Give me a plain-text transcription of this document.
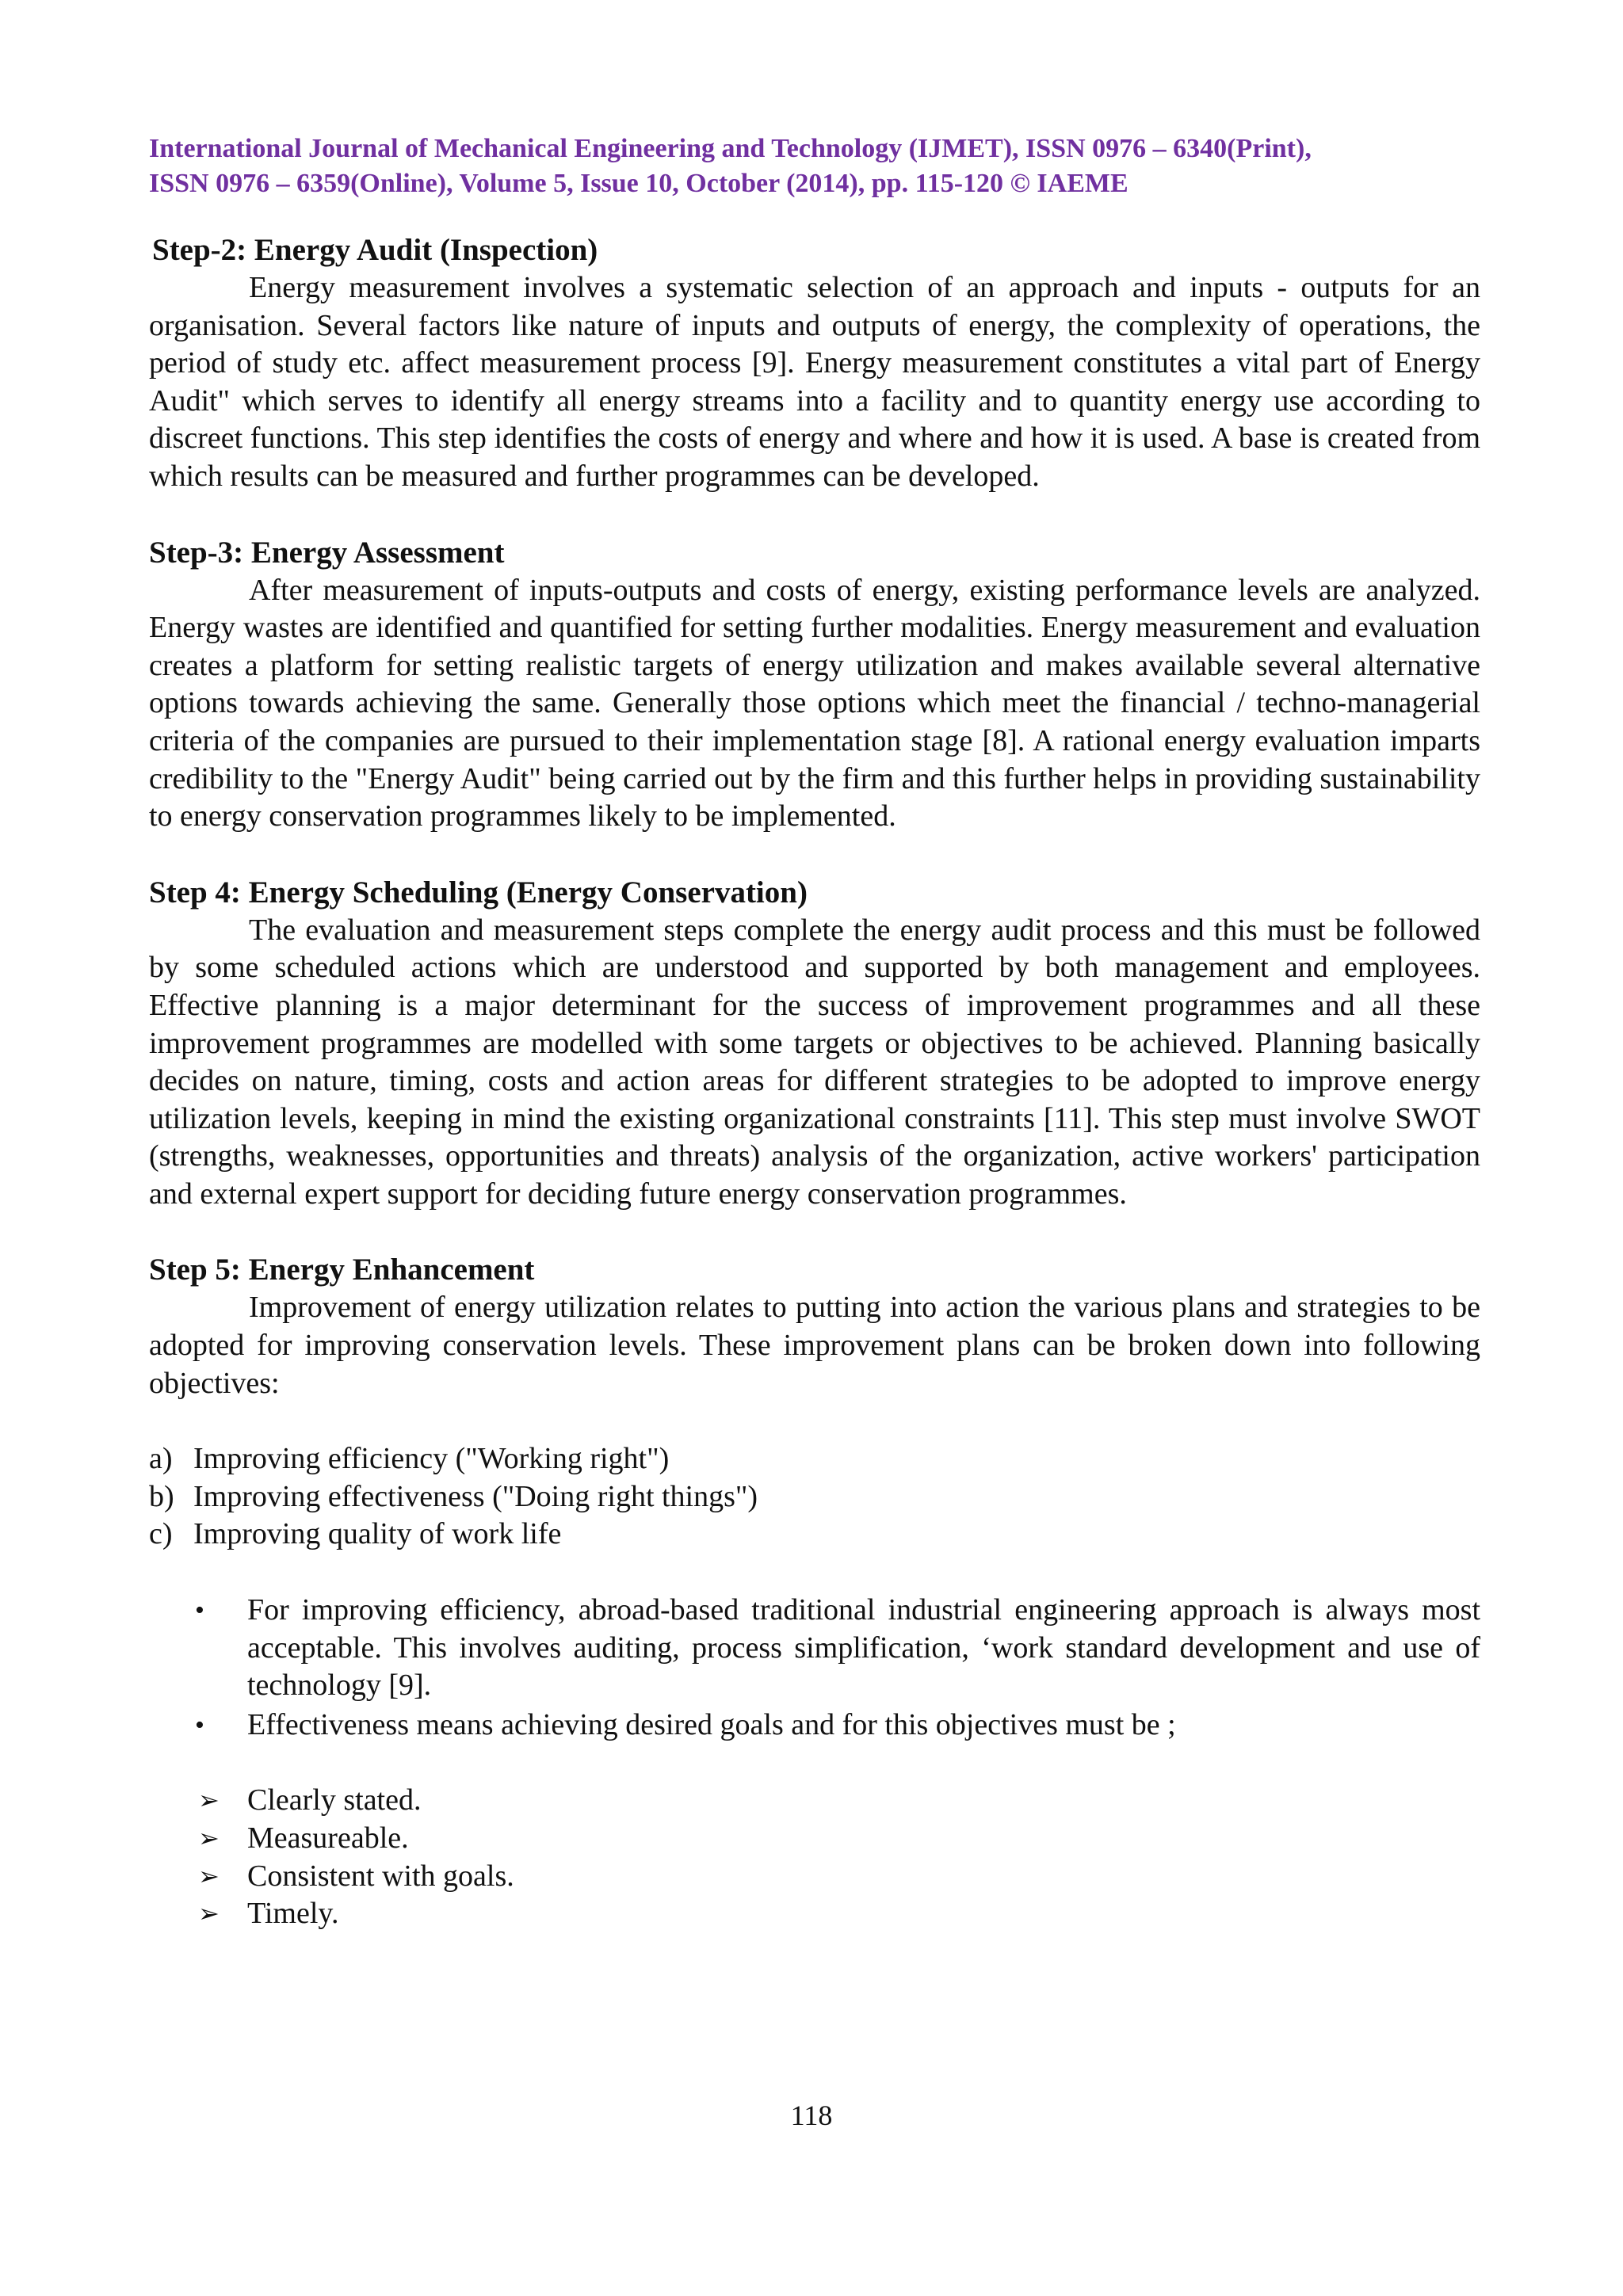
International Journal of Mechanical Engineering and Technology (IJMET), ISSN 0976 – 6340(Print),
ISSN 0976 – 6359(Online), Volume 5, Issue 10, October (2014), pp. 115-120 © IAEME
Step-2: Energy Audit (Inspection)

Energy measurement involves a systematic selection of an approach and inputs - outputs for an organisation. Several factors like nature of inputs and outputs of energy, the complexity of operations, the period of study etc. affect measurement process [9]. Energy measurement constitutes a vital part of Energy Audit" which serves to identify all energy streams into a facility and to quantity energy use according to discreet functions. This step identifies the costs of energy and where and how it is used. A base is created from which results can be measured and further programmes can be developed.

Step-3: Energy Assessment

After measurement of inputs-outputs and costs of energy, existing performance levels are analyzed. Energy wastes are identified and quantified for setting further modalities. Energy measurement and evaluation creates a platform for setting realistic targets of energy utilization and makes available several alternative options towards achieving the same. Generally those options which meet the financial / techno-managerial criteria of the companies are pursued to their implementation stage [8]. A rational energy evaluation imparts credibility to the "Energy Audit" being carried out by the firm and this further helps in providing sustainability to energy conservation programmes likely to be implemented.

Step 4: Energy Scheduling (Energy Conservation)

The evaluation and measurement steps complete the energy audit process and this must be followed by some scheduled actions which are understood and supported by both management and employees. Effective planning is a major determinant for the success of improvement programmes and all these improvement programmes are modelled with some targets or objectives to be achieved. Planning basically decides on nature, timing, costs and action areas for different strategies to be adopted to improve energy utilization levels, keeping in mind the existing organizational constraints [11]. This step must involve SWOT (strengths, weaknesses, opportunities and threats) analysis of the organization, active workers' participation and external expert support for deciding future energy conservation programmes.

Step 5: Energy Enhancement

Improvement of energy utilization relates to putting into action the various plans and strategies to be adopted for improving conservation levels. These improvement plans can be broken down into following objectives:

a) Improving efficiency ("Working right")
b) Improving effectiveness ("Doing right things")
c) Improving quality of work life
• For improving efficiency, abroad-based traditional industrial engineering approach is always most acceptable. This involves auditing, process simplification, ‘work standard development and use of technology [9].
• Effectiveness means achieving desired goals and for this objectives must be ;
➢ Clearly stated.
➢ Measureable.
➢ Consistent with goals.
➢ Timely.
118
